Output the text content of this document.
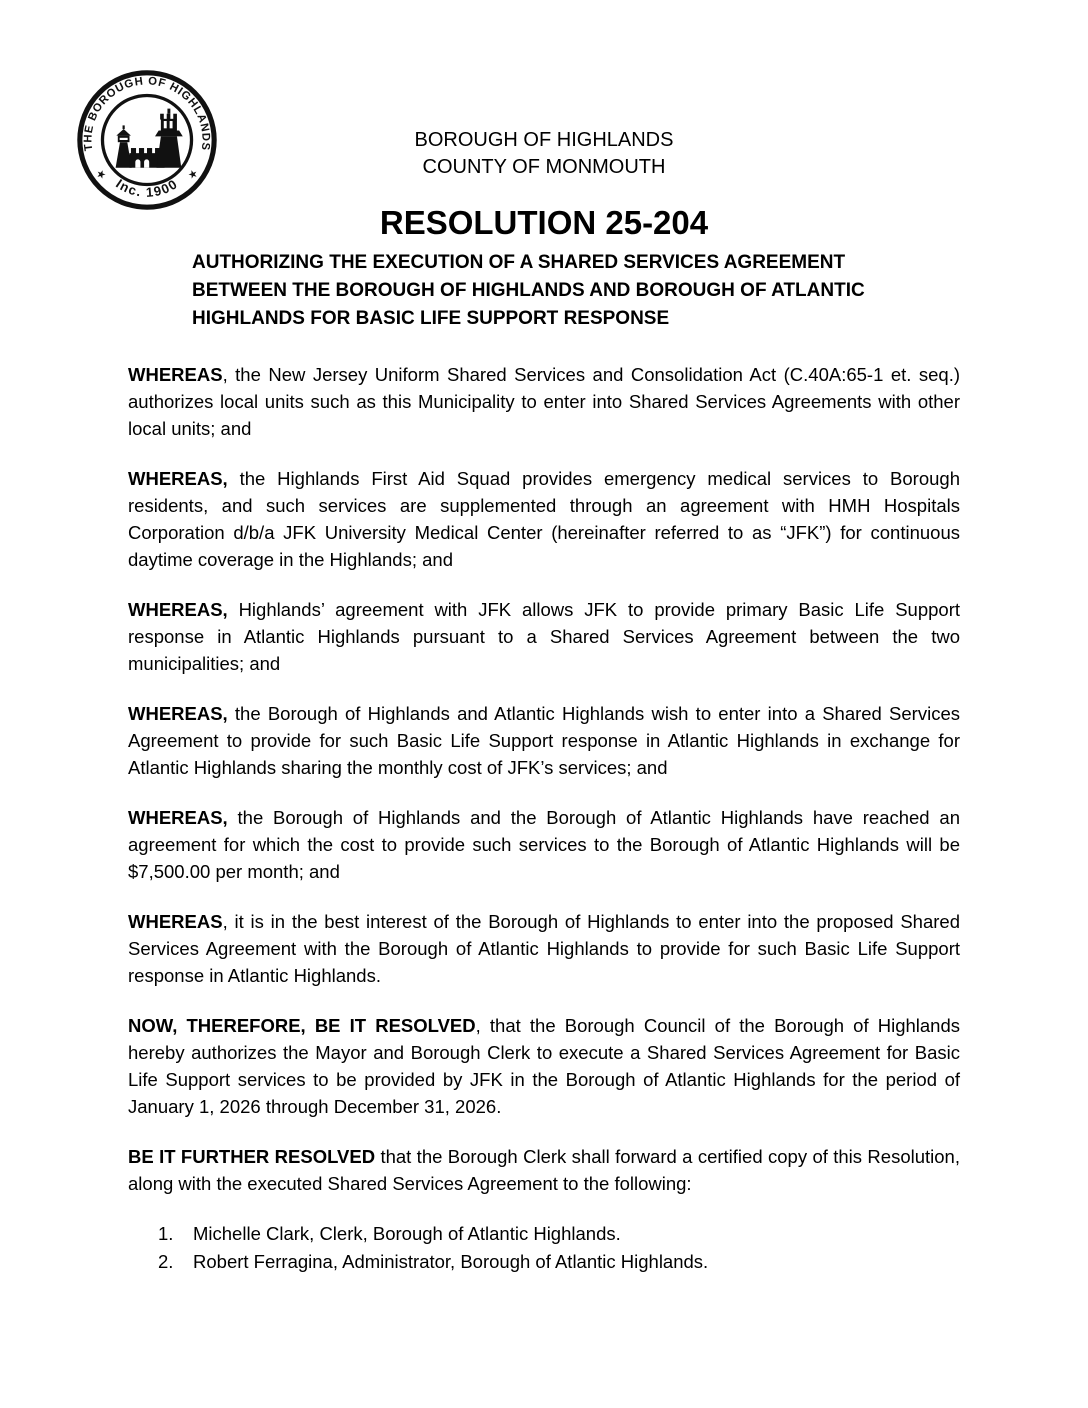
THE BOROUGH OF HIGHLANDS
Inc. 1900
★	★
BOROUGH OF HIGHLANDS
COUNTY OF MONMOUTH
RESOLUTION 25-204

AUTHORIZING THE EXECUTION OF A SHARED SERVICES AGREEMENT BETWEEN THE BOROUGH OF HIGHLANDS AND BOROUGH OF ATLANTIC HIGHLANDS FOR BASIC LIFE SUPPORT RESPONSE

WHEREAS, the New Jersey Uniform Shared Services and Consolidation Act (C.40A:65-1 et. seq.) authorizes local units such as this Municipality to enter into Shared Services Agreements with other local units; and

WHEREAS, the Highlands First Aid Squad provides emergency medical services to Borough residents, and such services are supplemented through an agreement with HMH Hospitals Corporation d/b/a JFK University Medical Center (hereinafter referred to as “JFK”) for continuous daytime coverage in the Highlands; and

WHEREAS, Highlands’ agreement with JFK allows JFK to provide primary Basic Life Support response in Atlantic Highlands pursuant to a Shared Services Agreement between the two municipalities; and

WHEREAS, the Borough of Highlands and Atlantic Highlands wish to enter into a Shared Services Agreement to provide for such Basic Life Support response in Atlantic Highlands in exchange for Atlantic Highlands sharing the monthly cost of JFK’s services; and

WHEREAS, the Borough of Highlands and the Borough of Atlantic Highlands have reached an agreement for which the cost to provide such services to the Borough of Atlantic Highlands will be $7,500.00 per month; and

WHEREAS, it is in the best interest of the Borough of Highlands to enter into the proposed Shared Services Agreement with the Borough of Atlantic Highlands to provide for such Basic Life Support response in Atlantic Highlands.

NOW, THEREFORE, BE IT RESOLVED, that the Borough Council of the Borough of Highlands hereby authorizes the Mayor and Borough Clerk to execute a Shared Services Agreement for Basic Life Support services to be provided by JFK in the Borough of Atlantic Highlands for the period of January 1, 2026 through December 31, 2026.

BE IT FURTHER RESOLVED that the Borough Clerk shall forward a certified copy of this Resolution, along with the executed Shared Services Agreement to the following:

1.	Michelle Clark, Clerk, Borough of Atlantic Highlands.
2.	Robert Ferragina, Administrator, Borough of Atlantic Highlands.
